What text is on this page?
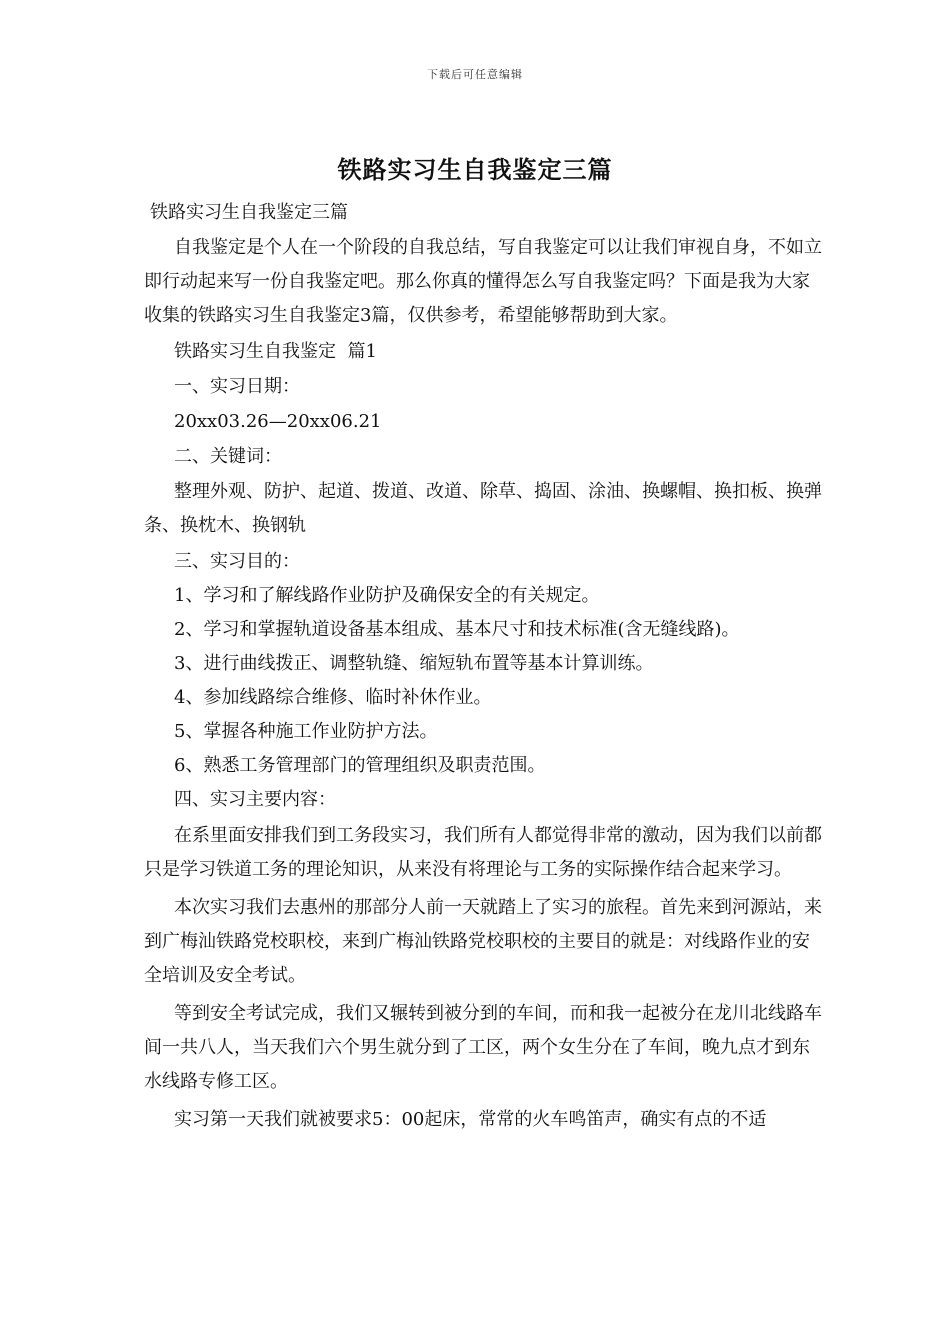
下载后可任意编辑
铁路实习生自我鉴定三篇

铁路实习生自我鉴定三篇

自我鉴定是个人在一个阶段的自我总结，写自我鉴定可以让我们审视自身，不如立即行动起来写一份自我鉴定吧。那么你真的懂得怎么写自我鉴定吗？下面是我为大家收集的铁路实习生自我鉴定3篇，仅供参考，希望能够帮助到大家。

铁路实习生自我鉴定  篇1

一、实习日期：

20xx03.26—20xx06.21

二、关键词：

整理外观、防护、起道、拨道、改道、除草、捣固、涂油、换螺帽、换扣板、换弹条、换枕木、换钢轨

三、实习目的：

1、学习和了解线路作业防护及确保安全的有关规定。

2、学习和掌握轨道设备基本组成、基本尺寸和技术标准(含无缝线路)。

3、进行曲线拨正、调整轨缝、缩短轨布置等基本计算训练。

4、参加线路综合维修、临时补休作业。

5、掌握各种施工作业防护方法。

6、熟悉工务管理部门的管理组织及职责范围。

四、实习主要内容：

在系里面安排我们到工务段实习，我们所有人都觉得非常的激动，因为我们以前都只是学习铁道工务的理论知识，从来没有将理论与工务的实际操作结合起来学习。

本次实习我们去惠州的那部分人前一天就踏上了实习的旅程。首先来到河源站，来到广梅汕铁路党校职校，来到广梅汕铁路党校职校的主要目的就是：对线路作业的安全培训及安全考试。

等到安全考试完成，我们又辗转到被分到的车间，而和我一起被分在龙川北线路车间一共八人，当天我们六个男生就分到了工区，两个女生分在了车间，晚九点才到东水线路专修工区。

实习第一天我们就被要求5：00起床，常常的火车鸣笛声，确实有点的不适
